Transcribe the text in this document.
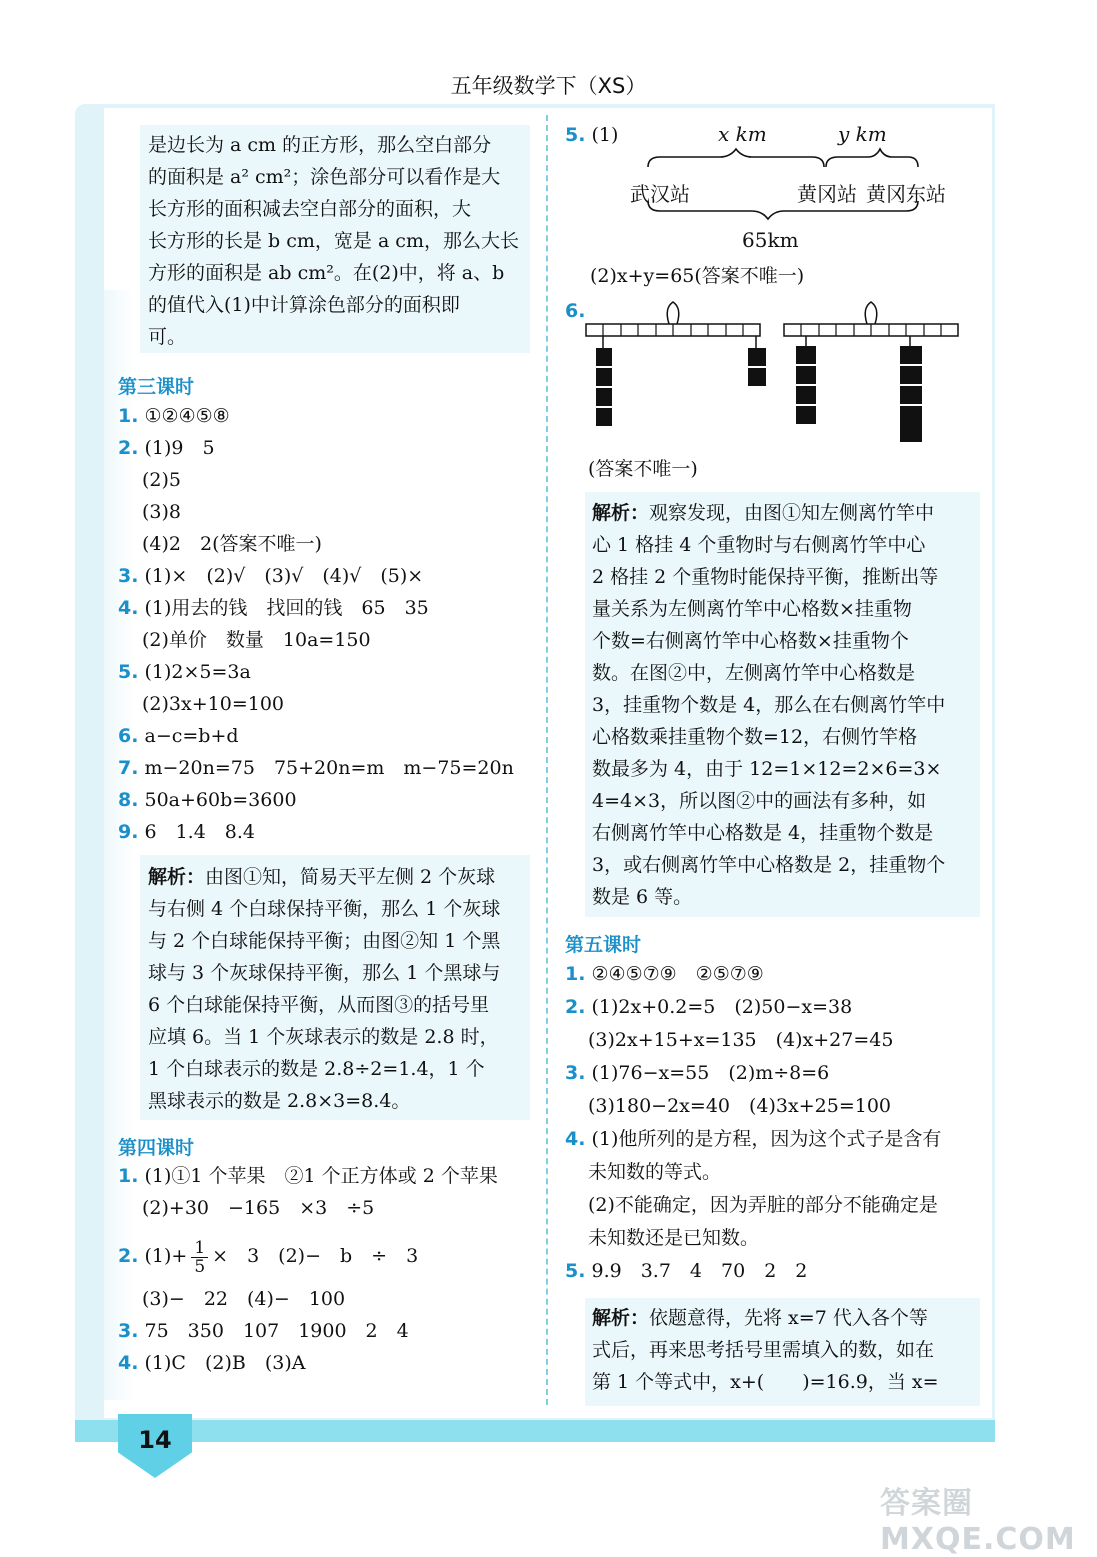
五年级数学下（XS）
14
答案圈 MXQE.COM
是边长为 a cm 的正方形，那么空白部分
的面积是 a² cm²；涂色部分可以看作是大
长方形的面积减去空白部分的面积，大
长方形的长是 b cm，宽是 a cm，那么大长
方形的面积是 ab cm²。在(2)中，将 a、b
的值代入(1)中计算涂色部分的面积即
可。
第三课时
1. ①②④⑤⑧
2. (1)9　5
(2)5
(3)8
(4)2　2(答案不唯一)
3. (1)×　(2)√　(3)√　(4)√　(5)×
4. (1)用去的钱　找回的钱　65　35
(2)单价　数量　10a=150
5. (1)2×5=3a
(2)3x+10=100
6. a−c=b+d
7. m−20n=75　75+20n=m　m−75=20n
8. 50a+60b=3600
9. 6　1.4　8.4
解析：由图①知，简易天平左侧 2 个灰球
与右侧 4 个白球保持平衡，那么 1 个灰球
与 2 个白球能保持平衡；由图②知 1 个黑
球与 3 个灰球保持平衡，那么 1 个黑球与
6 个白球能保持平衡，从而图③的括号里
应填 6。当 1 个灰球表示的数是 2.8 时，
1 个白球表示的数是 2.8÷2=1.4，1 个
黑球表示的数是 2.8×3=8.4。
第四课时
1. (1)①1 个苹果　②1 个正方体或 2 个苹果
(2)+30　−165　×3　÷5
2. $(1)+ \frac{1}{5}$ ×　3　(2)−　b　÷　3
(3)−　22　(4)−　100
3. 75　350　107　1900　2　4
4. (1)C　(2)B　(3)A
5. (1)	x km	y km
武汉站	黄冈站 黄冈东站
65km
(2)x+y=65(答案不唯一)
6.
(答案不唯一)
解析：观察发现，由图①知左侧离竹竿中
心 1 格挂 4 个重物时与右侧离竹竿中心
2 格挂 2 个重物时能保持平衡，推断出等
量关系为左侧离竹竿中心格数×挂重物
个数=右侧离竹竿中心格数×挂重物个
数。在图②中，左侧离竹竿中心格数是
3，挂重物个数是 4，那么在右侧离竹竿中
心格数乘挂重物个数=12，右侧竹竿格
数最多为 4，由于 12=1×12=2×6=3×
4=4×3，所以图②中的画法有多种，如
右侧离竹竿中心格数是 4，挂重物个数是
3，或右侧离竹竿中心格数是 2，挂重物个
数是 6 等。
第五课时
1. ②④⑤⑦⑨　②⑤⑦⑨
2. (1)2x+0.2=5　(2)50−x=38
(3)2x+15+x=135　(4)x+27=45
3. (1)76−x=55　(2)m÷8=6
(3)180−2x=40　(4)3x+25=100
4. (1)他所列的是方程，因为这个式子是含有
未知数的等式。
(2)不能确定，因为弄脏的部分不能确定是
未知数还是已知数。
5. 9.9　3.7　4　70　2　2
解析：依题意得，先将 x=7 代入各个等
式后，再来思考括号里需填入的数，如在
第 1 个等式中，x+(　　)=16.9，当 x=
